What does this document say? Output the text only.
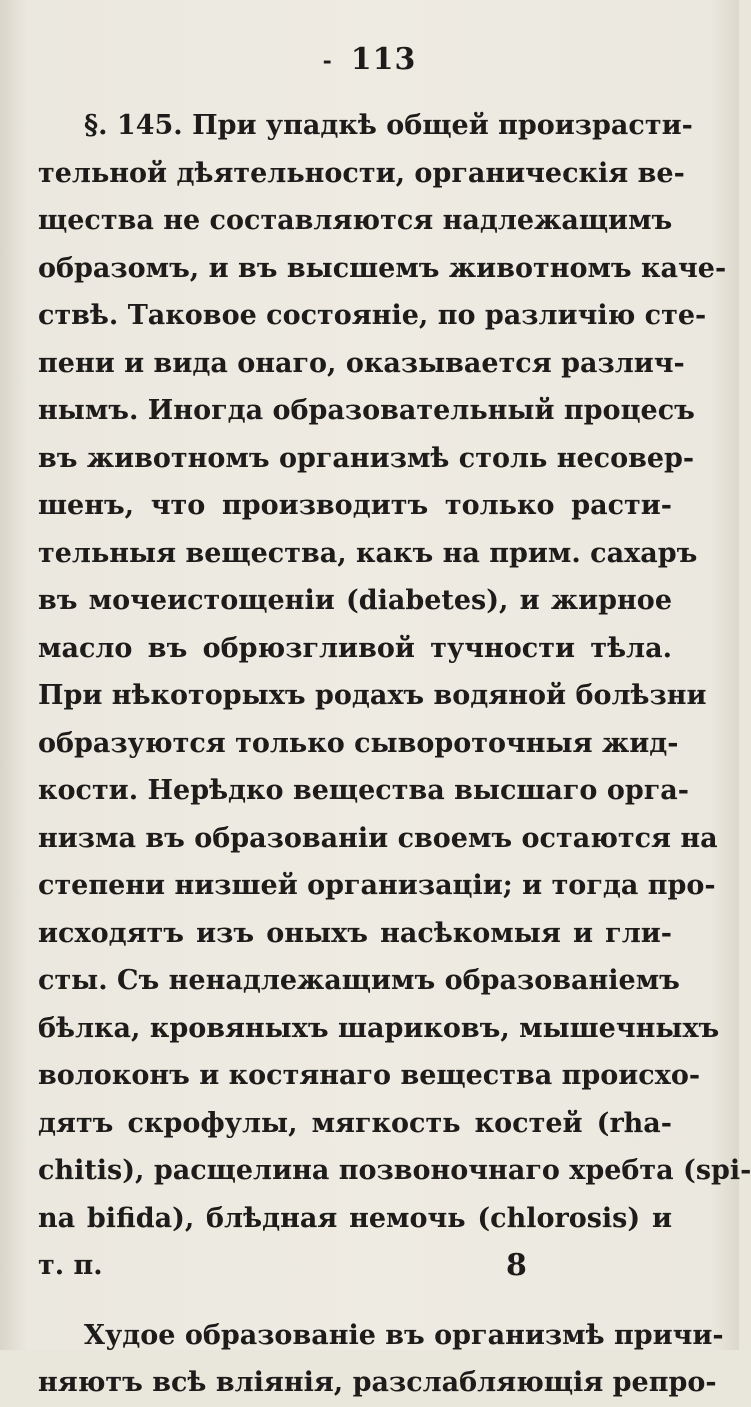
- 113
§. 145. При упадкѣ общей произрасти-
тельной дѣятельности, органическія ве-
щества не составляются надлежащимъ
образомъ, и въ высшемъ животномъ каче-
ствѣ. Таковое состояніе, по различію сте-
пени и вида онаго, оказывается различ-
нымъ. Иногда образовательный процесъ
въ животномъ организмѣ столь несовер-
шенъ, что производитъ только расти-
тельныя вещества, какъ на прим. сахаръ
въ мочеистощеніи (diabetes), и жирное
масло въ обрюзгливой тучности тѣла.
При нѣкоторыхъ родахъ водяной болѣзни
образуются только сывороточныя жид-
кости. Нерѣдко вещества высшаго орга-
низма въ образованіи своемъ остаются на
степени низшей организаціи; и тогда про-
исходятъ изъ оныхъ насѣкомыя и гли-
сты. Съ ненадлежащимъ образованіемъ
бѣлка, кровяныхъ шариковъ, мышечныхъ
волоконъ и костянаго вещества происхо-
дятъ скрофулы, мягкость костей (rha-
chitis), расщелина позвоночнаго хребта (spi-
na bifida), блѣдная немочь (chlorosis) и
т. п.
Худое образованіе въ организмѣ причи-
няютъ всѣ вліянія, разслабляющія репро-
8
